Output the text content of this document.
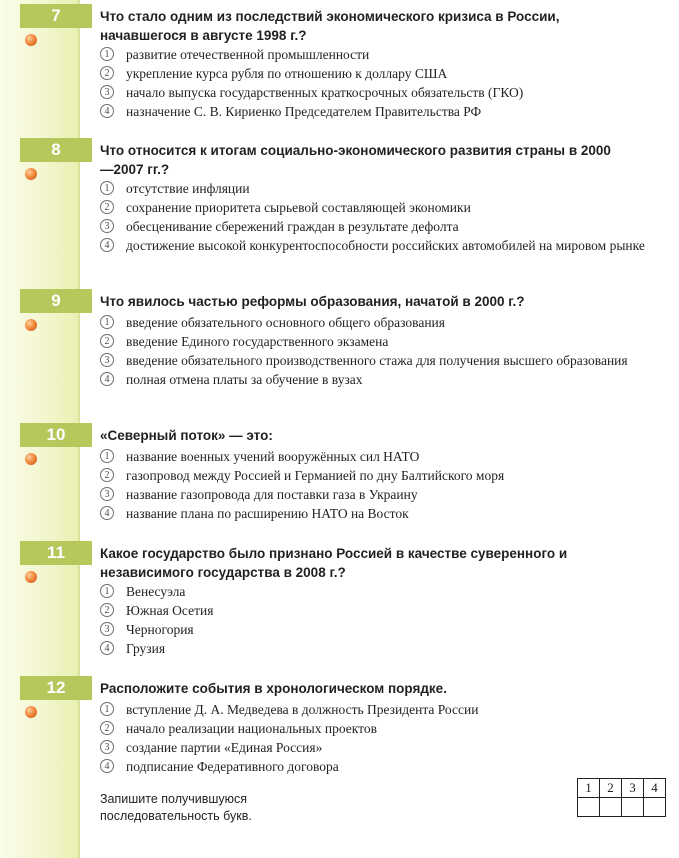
7	Что стало одним из последствий экономического кризиса в России, начавшегося в августе 1998 г.?
1	развитие отечественной промышленности
2	укрепление курса рубля по отношению к доллару США
3	начало выпуска государственных краткосрочных обязательств (ГКО)
4	назначение С. В. Кириенко Председателем Правительства РФ
8	Что относится к итогам социально-экономического развития страны в 2000—2007 гг.?
1	отсутствие инфляции
2	сохранение приоритета сырьевой составляющей экономики
3	обесценивание сбережений граждан в результате дефолта
4	достижение высокой конкурентоспособности российских автомобилей на мировом рынке
9	Что явилось частью реформы образования, начатой в 2000 г.?
1	введение обязательного основного общего образования
2	введение Единого государственного экзамена
3	введение обязательного производственного стажа для получения высшего образования
4	полная отмена платы за обучение в вузах
10	«Северный поток» — это:
1	название военных учений вооружённых сил НАТО
2	газопровод между Россией и Германией по дну Балтийского моря
3	название газопровода для поставки газа в Украину
4	название плана по расширению НАТО на Восток
11	Какое государство было признано Россией в качестве суверенного и независимого государства в 2008 г.?
1	Венесуэла
2	Южная Осетия
3	Черногория
4	Грузия
12	Расположите события в хронологическом порядке.
1	вступление Д. А. Медведева в должность Президента России
2	начало реализации национальных проектов
3	создание партии «Единая Россия»
4	подписание Федеративного договора
Запишите получившуюся последовательность букв.
1	2	3	4
